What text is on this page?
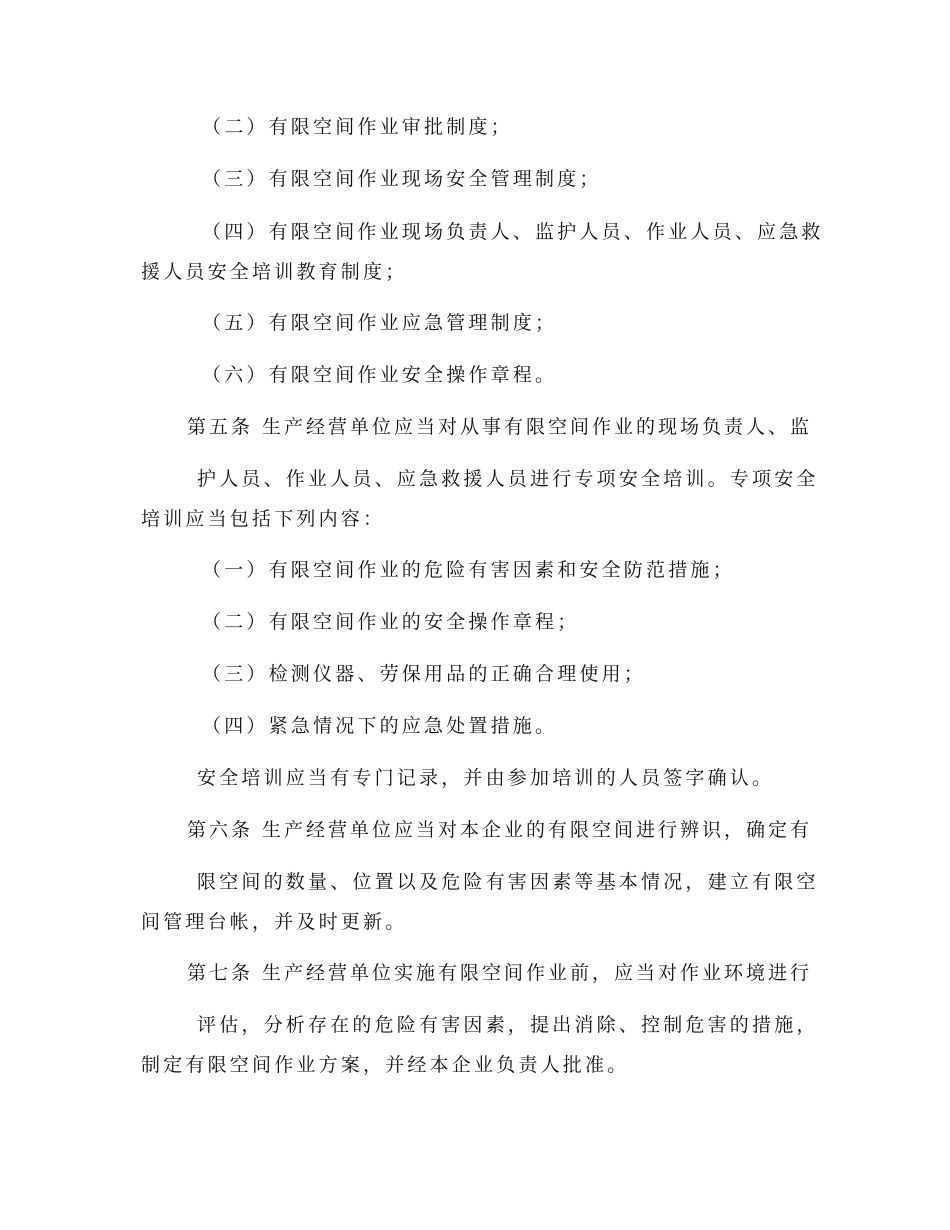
（二）有限空间作业审批制度；
（三）有限空间作业现场安全管理制度；
（四）有限空间作业现场负责人、监护人员、作业人员、应急救
援人员安全培训教育制度；
（五）有限空间作业应急管理制度；
（六）有限空间作业安全操作章程。
第五条 生产经营单位应当对从事有限空间作业的现场负责人、监
护人员、作业人员、应急救援人员进行专项安全培训。专项安全
培训应当包括下列内容：
（一）有限空间作业的危险有害因素和安全防范措施；
（二）有限空间作业的安全操作章程；
（三）检测仪器、劳保用品的正确合理使用；
（四）紧急情况下的应急处置措施。
安全培训应当有专门记录，并由参加培训的人员签字确认。
第六条 生产经营单位应当对本企业的有限空间进行辨识，确定有
限空间的数量、位置以及危险有害因素等基本情况，建立有限空
间管理台帐，并及时更新。
第七条 生产经营单位实施有限空间作业前，应当对作业环境进行
评估，分析存在的危险有害因素，提出消除、控制危害的措施，
制定有限空间作业方案，并经本企业负责人批准。
